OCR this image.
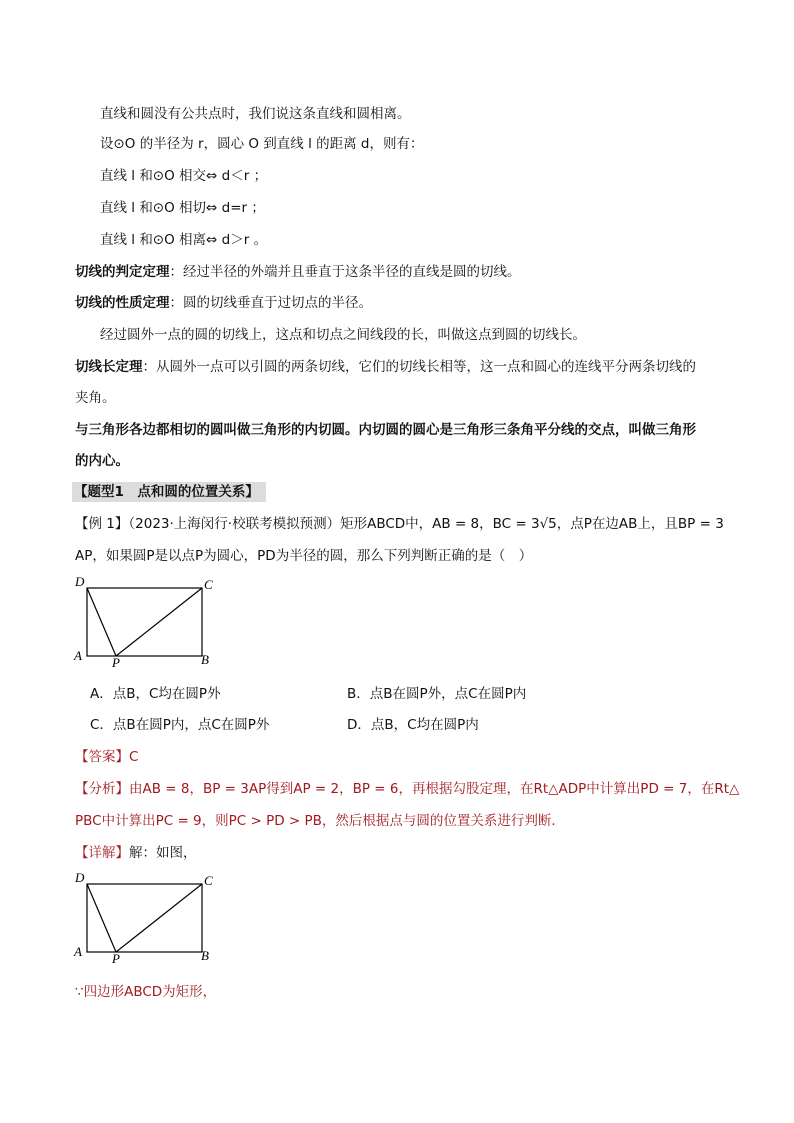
直线和圆没有公共点时，我们说这条直线和圆相离。
设⊙O 的半径为 r，圆心 O 到直线 l 的距离 d，则有：
直线 l 和⊙O 相交⇔ d＜r ；
直线 l 和⊙O 相切⇔ d=r ；
直线 l 和⊙O 相离⇔ d＞r 。
切线的判定定理：经过半径的外端并且垂直于这条半径的直线是圆的切线。
切线的性质定理：圆的切线垂直于过切点的半径。
经过圆外一点的圆的切线上，这点和切点之间线段的长，叫做这点到圆的切线长。
切线长定理：从圆外一点可以引圆的两条切线，它们的切线长相等，这一点和圆心的连线平分两条切线的
夹角。
与三角形各边都相切的圆叫做三角形的内切圆。内切圆的圆心是三角形三条角平分线的交点，叫做三角形
的内心。
【题型1　点和圆的位置关系】
【例 1】（2023·上海闵行·校联考模拟预测）矩形ABCD中，AB = 8，BC = 3√5，点P在边AB上，且BP = 3
AP，如果圆P是以点P为圆心，PD为半径的圆，那么下列判断正确的是（　）
D	C
A P	B
A．点B，C均在圆P外	B．点B在圆P外，点C在圆P内
C．点B在圆P内，点C在圆P外	D．点B，C均在圆P内
【答案】C
【分析】由AB = 8，BP = 3AP得到AP = 2，BP = 6，再根据勾股定理，在Rt△ADP中计算出PD = 7，在Rt△
PBC中计算出PC = 9，则PC > PD > PB，然后根据点与圆的位置关系进行判断．
【详解】解：如图，
D	C
A P	B
∵四边形ABCD为矩形，
